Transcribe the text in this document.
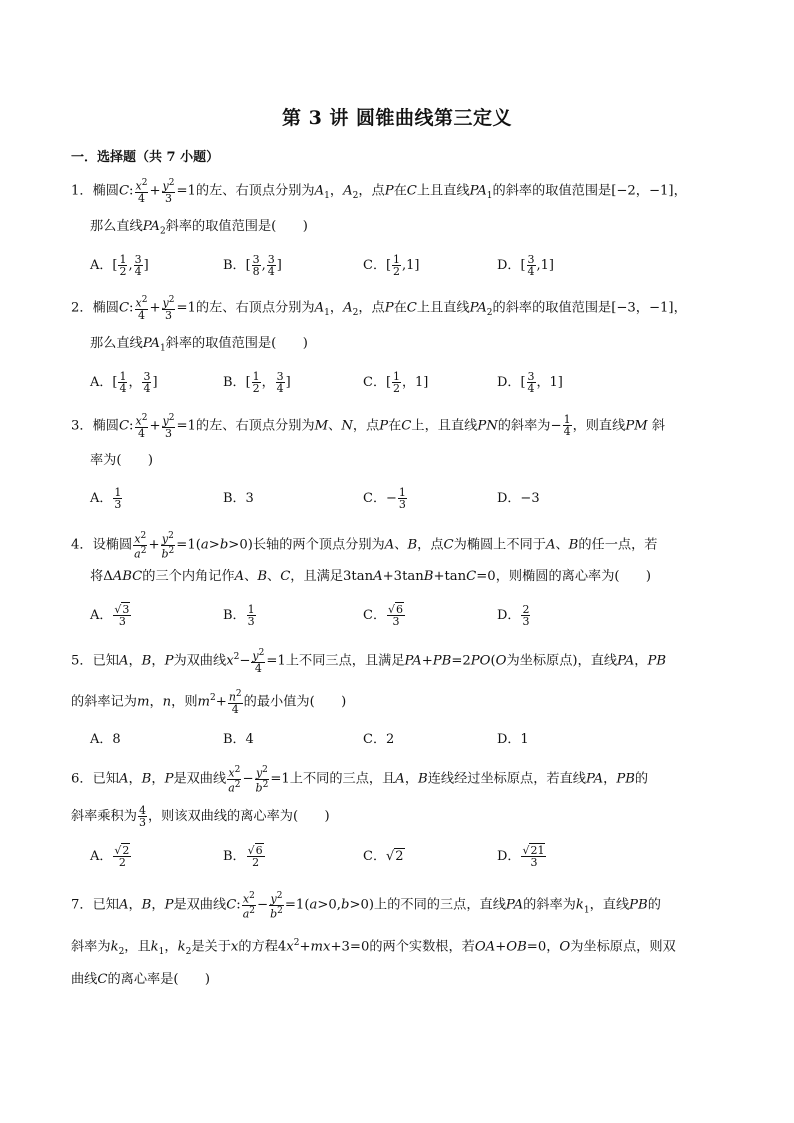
第 3 讲 圆锥曲线第三定义
一．选择题（共 7 小题）
1．椭圆C: $\frac{x^2}{4} + \frac{y^2}{3} =1$的左、右顶点分别为$A_1$，$A_2$，点P在C上且直线$PA_1$的斜率的取值范围是[−2，−1]，
那么直线$PA_2$斜率的取值范围是(　　)
A．[ $\frac{1}{2}$ , $\frac{3}{4}$ ]	B．[ $\frac{3}{8}$ , $\frac{3}{4}$ ]	C．[ $\frac{1}{2} ,1$]	D．[ $\frac{3}{4} ,1$]
2．椭圆C: $\frac{x^2}{4} + \frac{y^2}{3} =1$的左、右顶点分别为$A_1$，$A_2$，点P在C上且直线$PA_2$的斜率的取值范围是[−3，−1]，
那么直线$PA_1$斜率的取值范围是(　　)
A．[ $\frac{1}{4}$ ， $\frac{3}{4}$ ]	B．[ $\frac{1}{2}$ ， $\frac{3}{4}$ ]	C．[ $\frac{1}{2}$ ，1]	D．[ $\frac{3}{4}$ ，1]
3．椭圆C: $\frac{x^2}{4} + \frac{y^2}{3} =1$的左、右顶点分别为M、N，点P在C上，且直线PN的斜率为− $\frac{1}{4}$ ，则直线PM 斜
率为(　　)
A． $\frac{1}{3}$	B．3	C．− $\frac{1}{3}$	D．−3
4．设椭圆 $\frac{x^2}{a^2} + \frac{y^2}{b^2} =1(a>b>0)$长轴的两个顶点分别为A、B，点C为椭圆上不同于A、B的任一点，若
将ΔABC的三个内角记作A、B、C，且满足3tanA+3tanB+tanC=0，则椭圆的离心率为(　　)
A． $\frac{√3}{3}$	B． $\frac{1}{3}$	C． $\frac{√6}{3}$	D． $\frac{2}{3}$
5．已知A，B，P为双曲线$x^2- \frac{y^2}{4} =1$上不同三点，且满足PA+PB=2PO(O为坐标原点)，直线PA，PB
的斜率记为m，n，则$m^2+ \frac{n^2}{4}$ 的最小值为(　　)
A．8	B．4	C．2	D．1
6．已知A，B，P是双曲线 $\frac{x^2}{a^2} - \frac{y^2}{b^2} =1$上不同的三点，且A，B连线经过坐标原点，若直线PA，PB的
斜率乘积为 $\frac{4}{3}$ ，则该双曲线的离心率为(　　)
A． $\frac{√2}{2}$	B． $\frac{√6}{2}$	C．√2	D． $\frac{√21}{3}$
7．已知A，B，P是双曲线C: $\frac{x^2}{a^2} - \frac{y^2}{b^2} =1(a>0,b>0)$上的不同的三点，直线PA的斜率为$k_1$，直线PB的
斜率为$k_2$，且$k_1$，$k_2$是关于x的方程$4x^2+mx+3=0$的两个实数根，若OA+OB=0，O为坐标原点，则双
曲线C的离心率是(　　)
